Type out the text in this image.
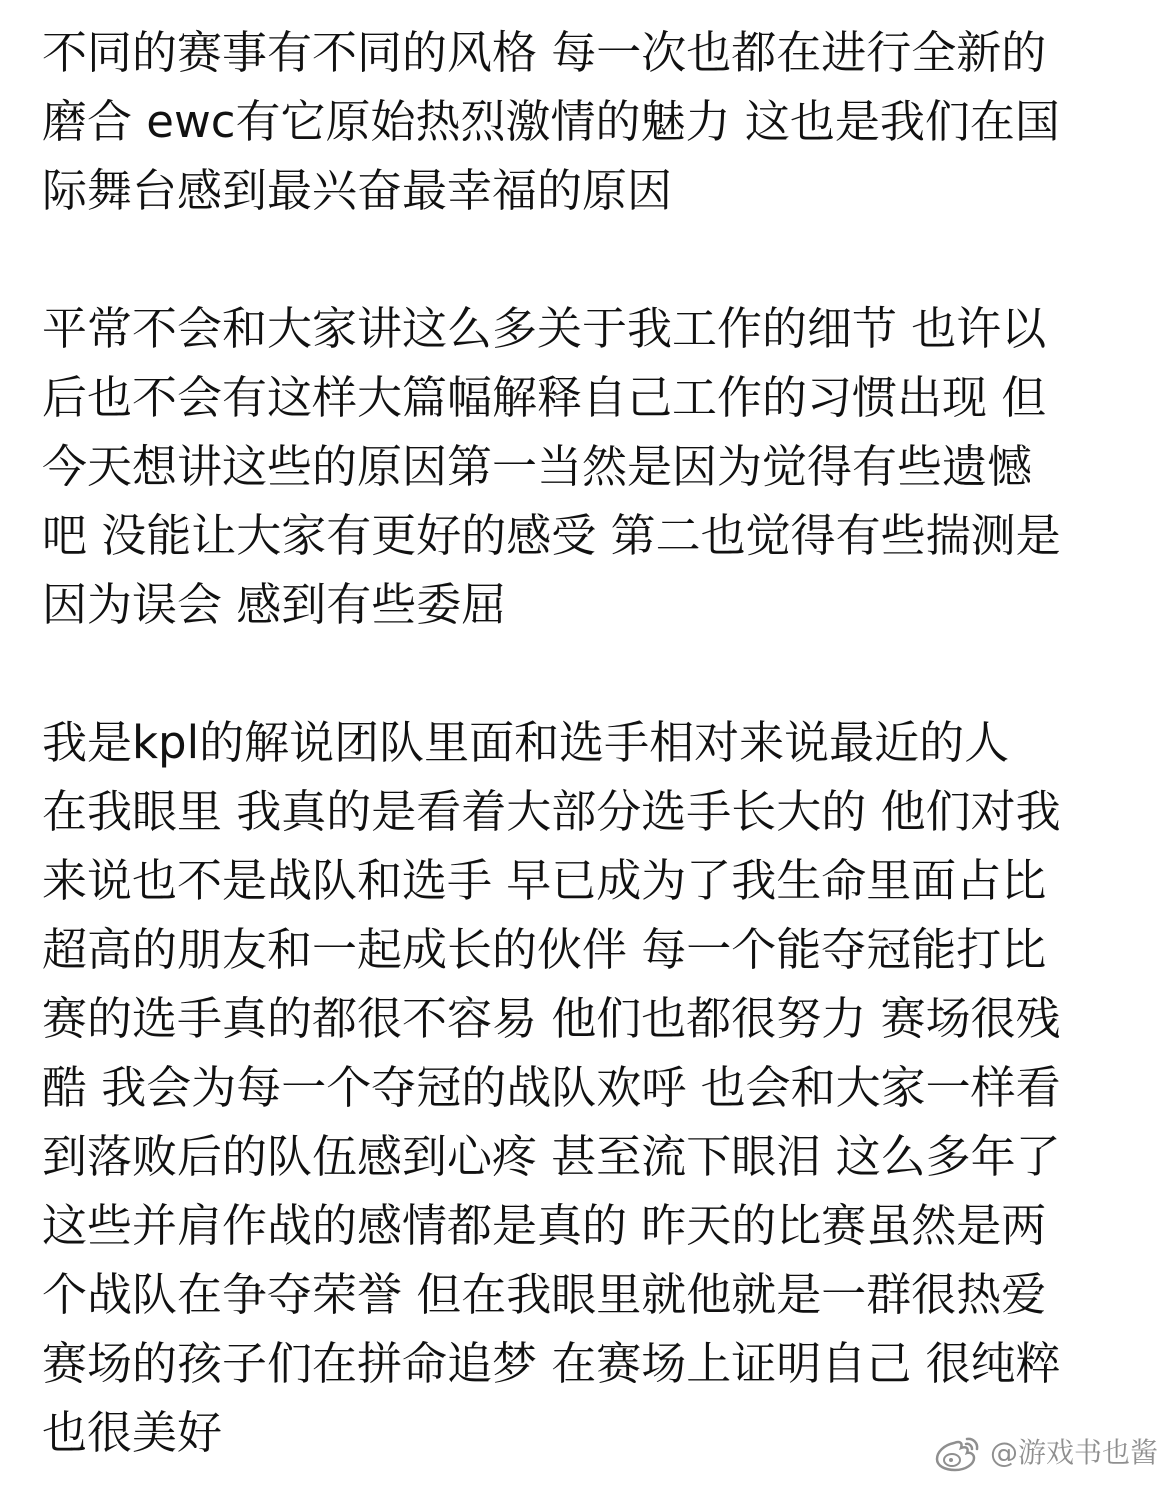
不同的赛事有不同的风格 每一次也都在进行全新的
磨合 ewc有它原始热烈激情的魅力 这也是我们在国
际舞台感到最兴奋最幸福的原因
平常不会和大家讲这么多关于我工作的细节 也许以
后也不会有这样大篇幅解释自己工作的习惯出现 但
今天想讲这些的原因第一当然是因为觉得有些遗憾
吧 没能让大家有更好的感受 第二也觉得有些揣测是
因为误会 感到有些委屈
我是kpl的解说团队里面和选手相对来说最近的人
在我眼里 我真的是看着大部分选手长大的 他们对我
来说也不是战队和选手 早已成为了我生命里面占比
超高的朋友和一起成长的伙伴 每一个能夺冠能打比
赛的选手真的都很不容易 他们也都很努力 赛场很残
酷 我会为每一个夺冠的战队欢呼 也会和大家一样看
到落败后的队伍感到心疼 甚至流下眼泪 这么多年了
这些并肩作战的感情都是真的 昨天的比赛虽然是两
个战队在争夺荣誉 但在我眼里就他就是一群很热爱
赛场的孩子们在拼命追梦 在赛场上证明自己 很纯粹
也很美好	@游戏书也酱
